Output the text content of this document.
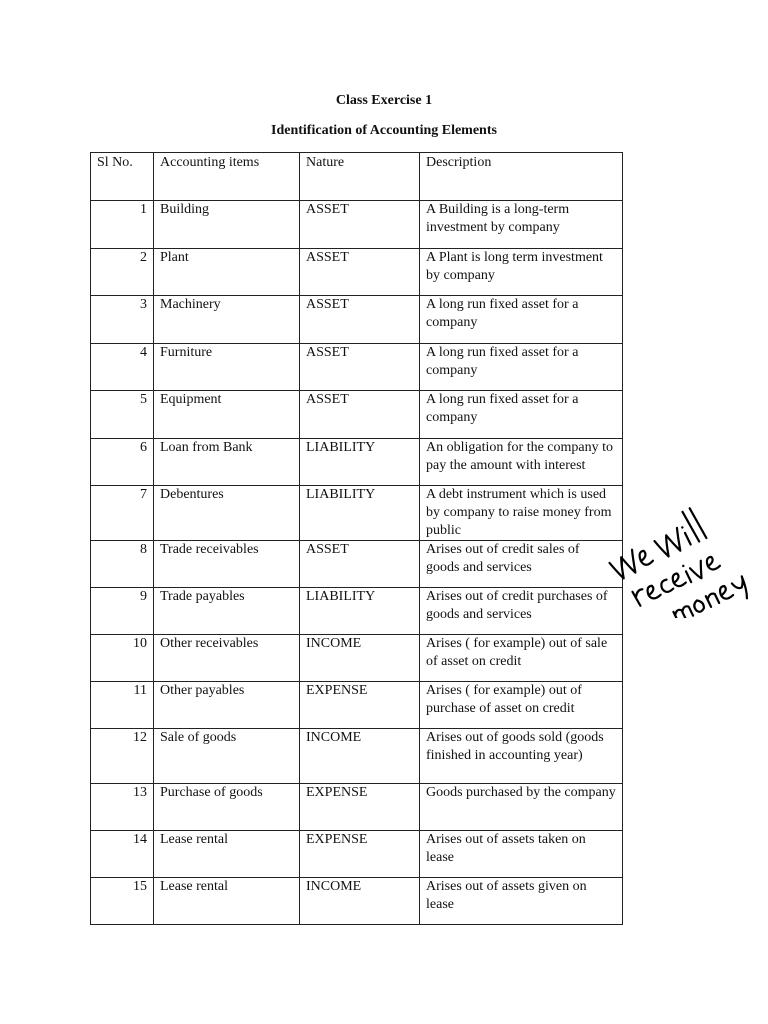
Class Exercise 1
Identification of Accounting Elements
Sl No.	Accounting items	Nature	Description
1	Building	ASSET	A Building is a long-term investment by company
2	Plant	ASSET	A Plant is long term investment by company
3	Machinery	ASSET	A long run fixed asset for a company
4	Furniture	ASSET	A long run fixed asset for a company
5	Equipment	ASSET	A long run fixed asset for a company
6	Loan from Bank	LIABILITY	An obligation for the company to pay the amount with interest
7	Debentures	LIABILITY	A debt instrument which is used by company to raise money from public
8	Trade receivables	ASSET	Arises out of credit sales of goods and services
9	Trade payables	LIABILITY	Arises out of credit purchases of goods and services
10	Other receivables	INCOME	Arises ( for example) out of sale of asset on credit
11	Other payables	EXPENSE	Arises ( for example) out of purchase of asset on credit
12	Sale of goods	INCOME	Arises out of goods sold (goods finished in accounting year)
13	Purchase of goods	EXPENSE	Goods purchased by the company
14	Lease rental	EXPENSE	Arises out of assets taken on lease
15	Lease rental	INCOME	Arises out of assets given on lease
